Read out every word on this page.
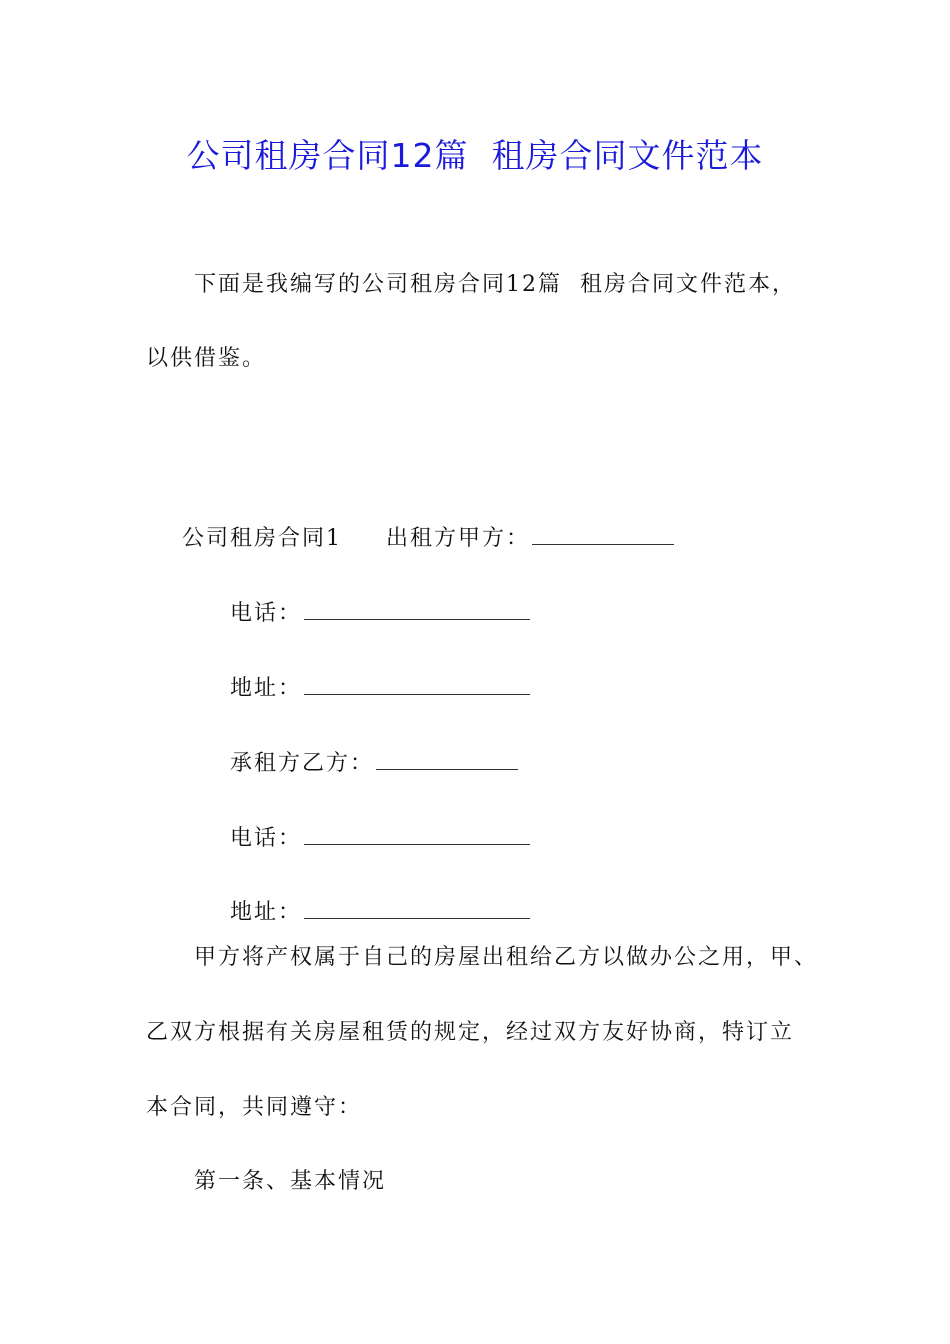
公司租房合同12篇  租房合同文件范本
下面是我编写的公司租房合同12篇  租房合同文件范本，
以供借鉴。

公司租房合同1 出租方甲方：

电话：

地址：

承租方乙方：

电话：

地址：

甲方将产权属于自己的房屋出租给乙方以做办公之用，甲、
乙双方根据有关房屋租赁的规定，经过双方友好协商，特订立
本合同，共同遵守：
第一条、基本情况
